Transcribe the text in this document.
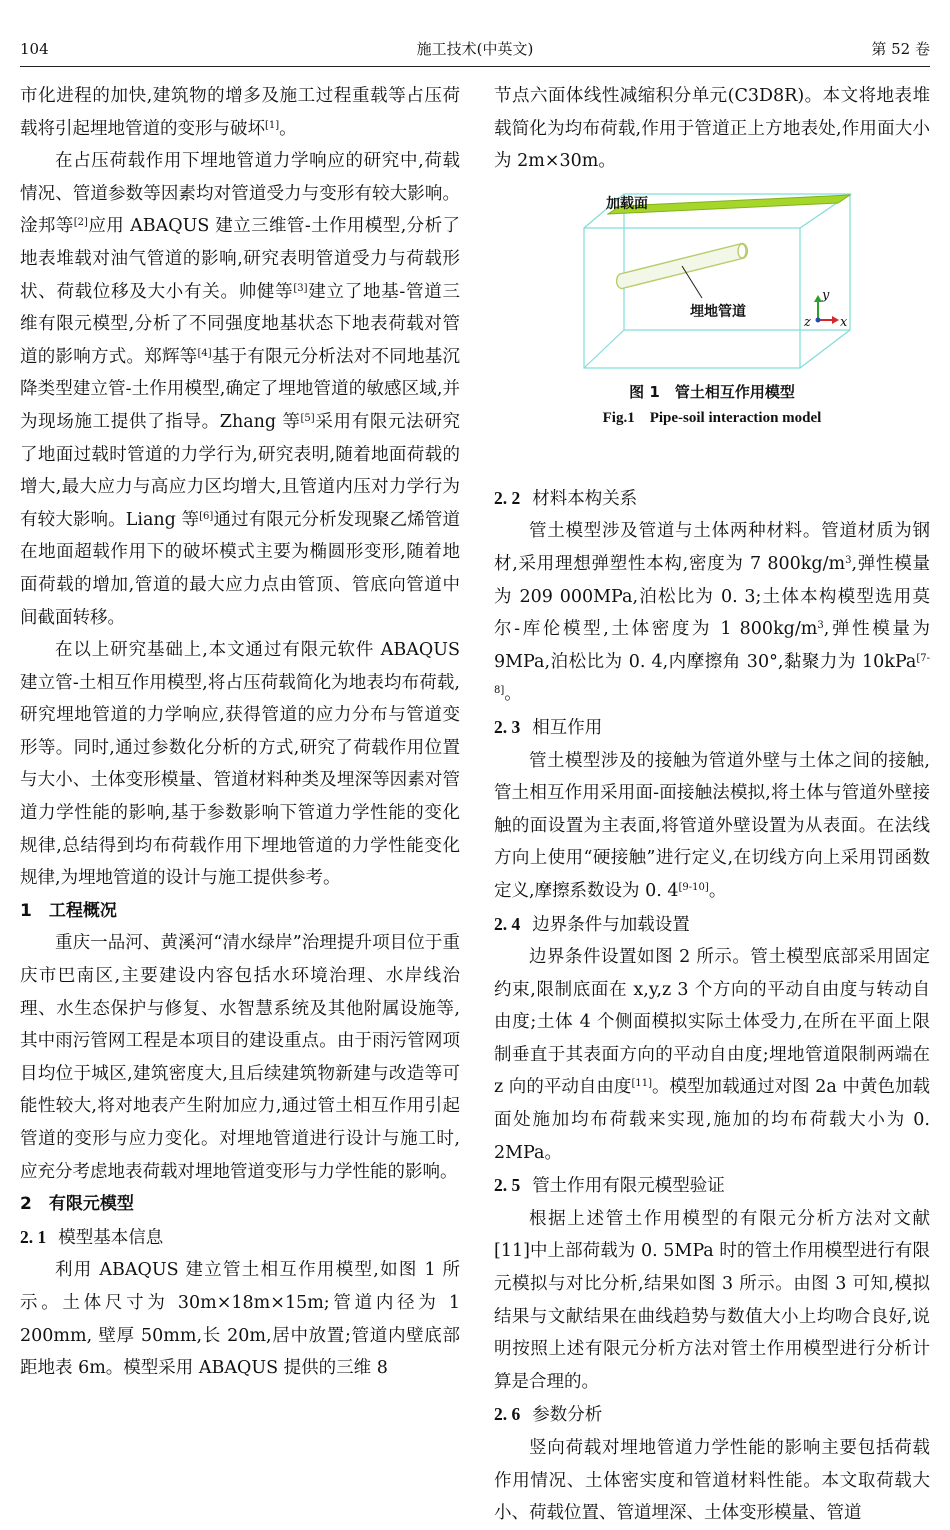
104	施工技术(中英文)	第 52 卷

市化进程的加快,建筑物的增多及施工过程重载等占压荷载将引起埋地管道的变形与破坏[1]。

在占压荷载作用下埋地管道力学响应的研究中,荷载情况、管道参数等因素均对管道受力与变形有较大影响。淦邦等[2]应用 ABAQUS 建立三维管-土作用模型,分析了地表堆载对油气管道的影响,研究表明管道受力与荷载形状、荷载位移及大小有关。帅健等[3]建立了地基-管道三维有限元模型,分析了不同强度地基状态下地表荷载对管道的影响方式。郑辉等[4]基于有限元分析法对不同地基沉降类型建立管-土作用模型,确定了埋地管道的敏感区域,并为现场施工提供了指导。Zhang 等[5]采用有限元法研究了地面过载时管道的力学行为,研究表明,随着地面荷载的增大,最大应力与高应力区均增大,且管道内压对力学行为有较大影响。Liang 等[6]通过有限元分析发现聚乙烯管道在地面超载作用下的破坏模式主要为椭圆形变形,随着地面荷载的增加,管道的最大应力点由管顶、管底向管道中间截面转移。

在以上研究基础上,本文通过有限元软件 ABAQUS 建立管-土相互作用模型,将占压荷载简化为地表均布荷载,研究埋地管道的力学响应,获得管道的应力分布与管道变形等。同时,通过参数化分析的方式,研究了荷载作用位置与大小、土体变形模量、管道材料种类及埋深等因素对管道力学性能的影响,基于参数影响下管道力学性能的变化规律,总结得到均布荷载作用下埋地管道的力学性能变化规律,为埋地管道的设计与施工提供参考。

1　工程概况

重庆一品河、黄溪河“清水绿岸”治理提升项目位于重庆市巴南区,主要建设内容包括水环境治理、水岸线治理、水生态保护与修复、水智慧系统及其他附属设施等,其中雨污管网工程是本项目的建设重点。由于雨污管网项目均位于城区,建筑密度大,且后续建筑物新建与改造等可能性较大,将对地表产生附加应力,通过管土相互作用引起管道的变形与应力变化。对埋地管道进行设计与施工时,应充分考虑地表荷载对埋地管道变形与力学性能的影响。

2　有限元模型

2. 1 模型基本信息

利用 ABAQUS 建立管土相互作用模型,如图 1 所示。土体尺寸为 30m×18m×15m;管道内径为 1 200mm, 壁厚 50mm,长 20m,居中放置;管道内壁底部距地表 6m。模型采用 ABAQUS 提供的三维 8

节点六面体线性减缩积分单元(C3D8R)。本文将地表堆载简化为均布荷载,作用于管道正上方地表处,作用面大小为 2m×30m。

加载面
埋地管道
y
x
z
图 1　管土相互作用模型
Fig.1　Pipe-soil interaction model

2. 2 材料本构关系

管土模型涉及管道与土体两种材料。管道材质为钢材,采用理想弹塑性本构,密度为 7 $800kg/m^3$,弹性模量为 209 000MPa,泊松比为 0. 3;土体本构模型选用莫尔-库伦模型,土体密度为 1 $800kg/m^3$,弹性模量为 9MPa,泊松比为 0. 4,内摩擦角 30°,黏聚力为 10kPa[7-8]。

2. 3 相互作用

管土模型涉及的接触为管道外壁与土体之间的接触,管土相互作用采用面-面接触法模拟,将土体与管道外壁接触的面设置为主表面,将管道外壁设置为从表面。在法线方向上使用“硬接触”进行定义,在切线方向上采用罚函数定义,摩擦系数设为 0. 4[9-10]。

2. 4 边界条件与加载设置

边界条件设置如图 2 所示。管土模型底部采用固定约束,限制底面在 x,y,z 3 个方向的平动自由度与转动自由度;土体 4 个侧面模拟实际土体受力,在所在平面上限制垂直于其表面方向的平动自由度;埋地管道限制两端在 z 向的平动自由度[11]。模型加载通过对图 2a 中黄色加载面处施加均布荷载来实现,施加的均布荷载大小为 0. 2MPa。

2. 5 管土作用有限元模型验证

根据上述管土作用模型的有限元分析方法对文献[11]中上部荷载为 0. 5MPa 时的管土作用模型进行有限元模拟与对比分析,结果如图 3 所示。由图 3 可知,模拟结果与文献结果在曲线趋势与数值大小上均吻合良好,说明按照上述有限元分析方法对管土作用模型进行分析计算是合理的。

2. 6 参数分析

竖向荷载对埋地管道力学性能的影响主要包括荷载作用情况、土体密实度和管道材料性能。本文取荷载大小、荷载位置、管道埋深、土体变形模量、管道
